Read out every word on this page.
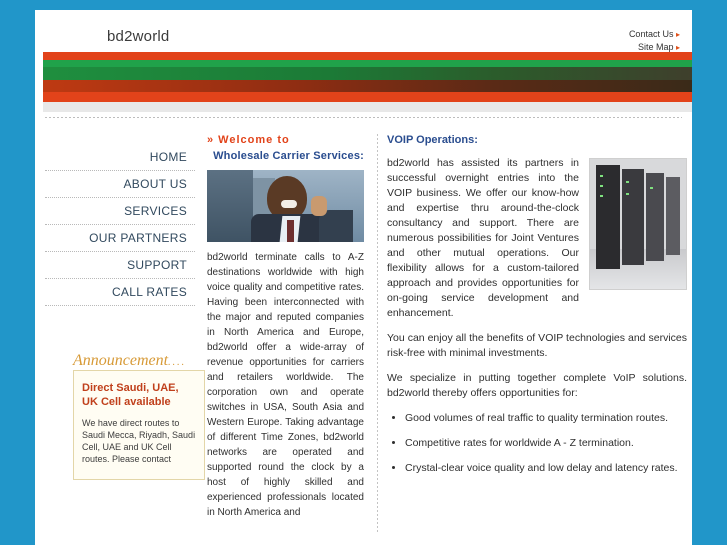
bd2world	Contact Us ▸
Site Map ▸
HOME
ABOUT US
SERVICES
OUR PARTNERS
SUPPORT
CALL RATES
Announcement....
Direct Saudi, UAE, UK Cell available

We have direct routes to Saudi Mecca, Riyadh, Saudi Cell, UAE and UK Cell routes. Please contact

» Welcome to
Wholesale Carrier Services:
bd2world terminate calls to A-Z destinations worldwide with high voice quality and competitive rates. Having been interconnected with the major and reputed companies in North America and Europe, bd2world offer a wide-array of revenue opportunities for carriers and retailers worldwide. The corporation own and operate switches in USA, South Asia and Western Europe. Taking advantage of different Time Zones, bd2world networks are operated and supported round the clock by a host of highly skilled and experienced professionals located in North America and
VOIP Operations:

bd2world has assisted its partners in successful overnight entries into the VOIP business. We offer our know-how and expertise thru around-the-clock consultancy and support. There are numerous possibilities for Joint Ventures and other mutual operations. Our flexibility allows for a custom-tailored approach and provides opportunities for on-going service development and enhancement.

You can enjoy all the benefits of VOIP technologies and services risk-free with minimal investments.

We specialize in putting together complete VoIP solutions. bd2world thereby offers opportunities for:

• Good volumes of real traffic to quality termination routes.
• Competitive rates for worldwide A - Z termination.
• Crystal-clear voice quality and low delay and latency rates.
